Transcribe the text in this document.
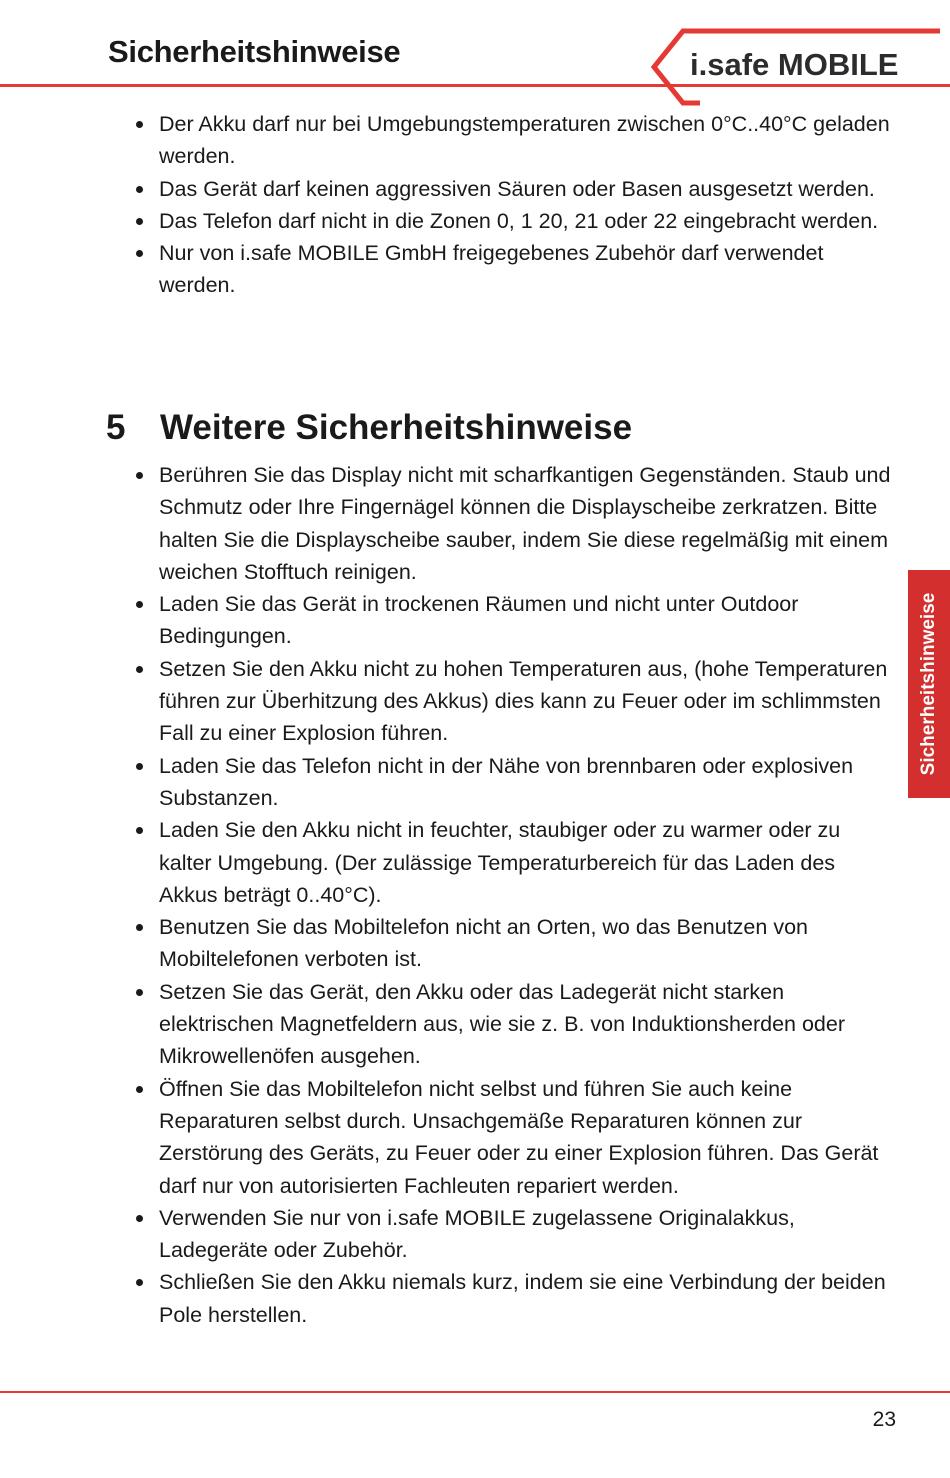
Sicherheitshinweise	i.safe MOBILE
Der Akku darf nur bei Umgebungstemperaturen zwischen 0°C..40°C geladen werden.
Das Gerät darf keinen aggressiven Säuren oder Basen ausgesetzt werden.
Das Telefon darf nicht in die Zonen 0, 1 20, 21 oder 22 eingebracht werden.
Nur von i.safe MOBILE GmbH freigegebenes Zubehör darf verwendet werden.
5 Weitere Sicherheitshinweise
Berühren Sie das Display nicht mit scharfkantigen Gegenständen. Staub und Schmutz oder Ihre Fingernägel können die Displayscheibe zerkratzen. Bitte halten Sie die Displayscheibe sauber, indem Sie diese regelmäßig mit einem weichen Stofftuch reinigen.
Laden Sie das Gerät in trockenen Räumen und nicht unter Outdoor Bedingungen.
Setzen Sie den Akku nicht zu hohen Temperaturen aus, (hohe Temperaturen führen zur Überhitzung des Akkus) dies kann zu Feuer oder im schlimmsten Fall zu einer Explosion führen.
Laden Sie das Telefon nicht in der Nähe von brennbaren oder explosiven Substanzen.
Laden Sie den Akku nicht in feuchter, staubiger oder zu warmer oder zu kalter Umgebung. (Der zulässige Temperaturbereich für das Laden des Akkus beträgt 0..40°C).
Benutzen Sie das Mobiltelefon nicht an Orten, wo das Benutzen von Mobiltelefonen verboten ist.
Setzen Sie das Gerät, den Akku oder das Ladegerät nicht starken elektrischen Magnetfeldern aus, wie sie z. B. von Induktionsherden oder Mikrowellenöfen ausgehen.
Öffnen Sie das Mobiltelefon nicht selbst und führen Sie auch keine Reparaturen selbst durch. Unsachgemäße Reparaturen können zur Zerstörung des Geräts, zu Feuer oder zu einer Explosion führen. Das Gerät darf nur von autorisierten Fachleuten repariert werden.
Verwenden Sie nur von i.safe MOBILE zugelassene Originalakkus, Ladegeräte oder Zubehör.
Schließen Sie den Akku niemals kurz, indem sie eine Verbindung der beiden Pole herstellen.
Sicherheitshinweise
23
